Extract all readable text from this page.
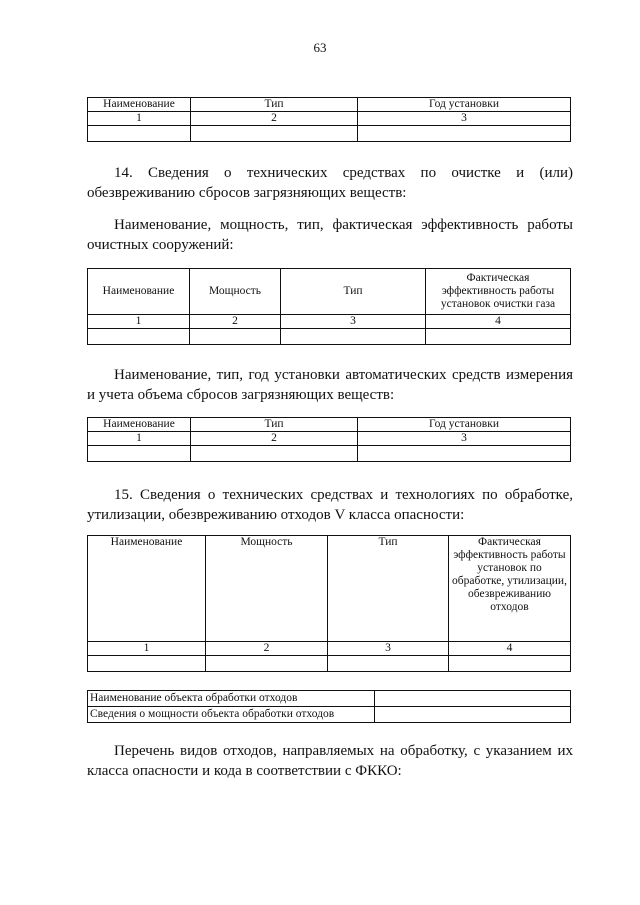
63
Наименование	Тип	Год установки
1	2	3

14. Сведения о технических средствах по очистке и (или) обезвреживанию сбросов загрязняющих веществ:

Наименование, мощность, тип, фактическая эффективность работы очистных сооружений:

Наименование	Мощность	Тип	Фактическая эффективность работы установок очистки газа
1	2	3	4

Наименование, тип, год установки автоматических средств измерения и учета объема сбросов загрязняющих веществ:

Наименование	Тип	Год установки
1	2	3

15. Сведения о технических средствах и технологиях по обработке, утилизации, обезвреживанию отходов V класса опасности:

Наименование	Мощность	Тип	Фактическая эффективность работы установок по обработке, утилизации, обезвреживанию отходов
1	2	3	4

Наименование объекта обработки отходов	
Сведения о мощности объекта обработки отходов	

Перечень видов отходов, направляемых на обработку, с указанием их класса опасности и кода в соответствии с ФККО:
